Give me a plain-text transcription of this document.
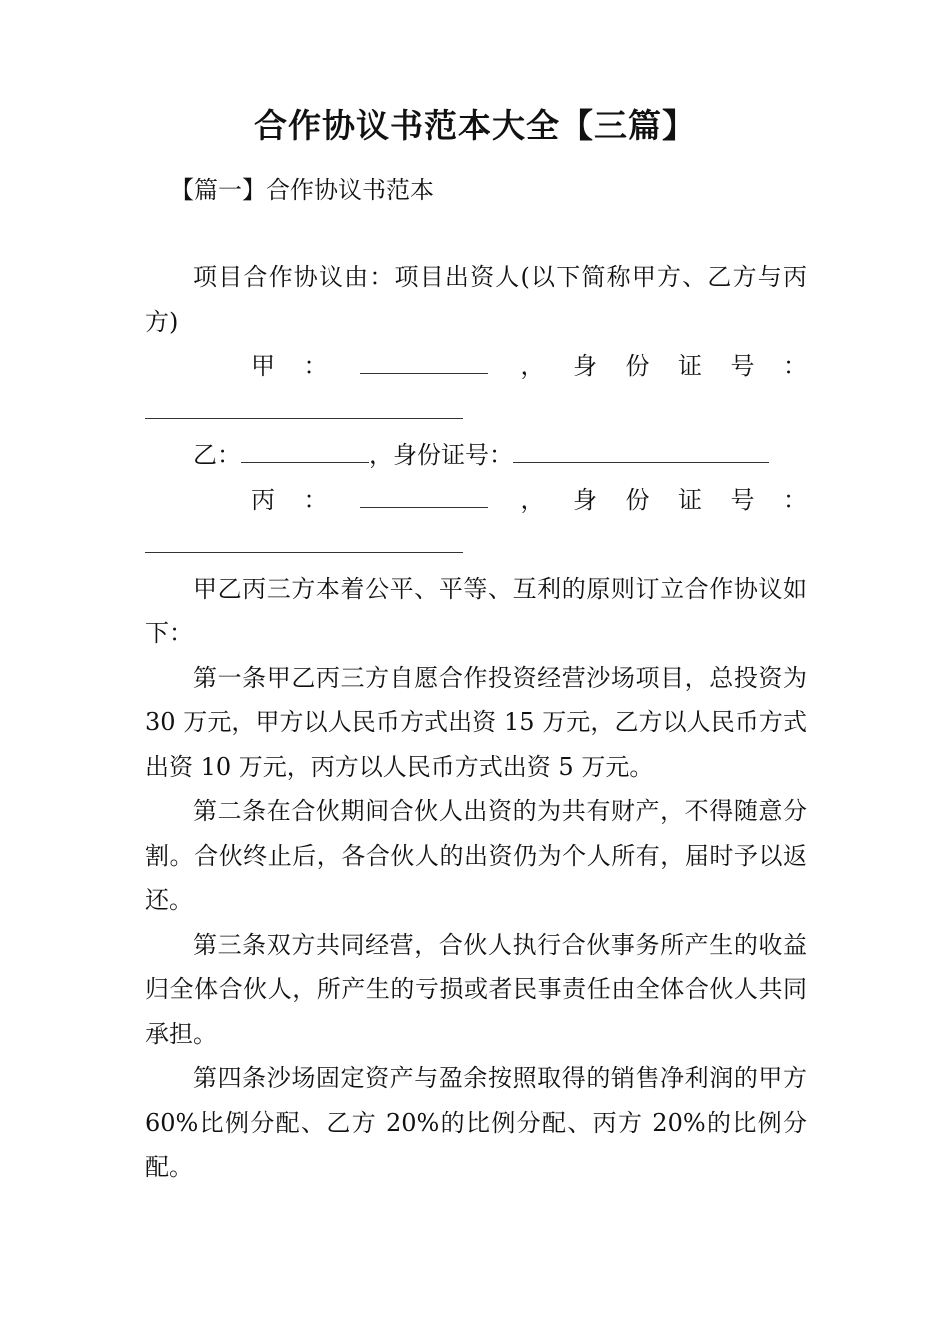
合作协议书范本大全【三篇】
【篇一】合作协议书范本

项目合作协议由：项目出资人(以下简称甲方、乙方与丙方)

甲 ：	， 身 份 证 号 ：

乙：	，身份证号：

丙 ：	， 身 份 证 号 ：

甲乙丙三方本着公平、平等、互利的原则订立合作协议如下：

第一条甲乙丙三方自愿合作投资经营沙场项目，总投资为 30 万元，甲方以人民币方式出资 15 万元，乙方以人民币方式出资 10 万元，丙方以人民币方式出资 5 万元。

第二条在合伙期间合伙人出资的为共有财产，不得随意分割。合伙终止后，各合伙人的出资仍为个人所有，届时予以返还。

第三条双方共同经营，合伙人执行合伙事务所产生的收益归全体合伙人，所产生的亏损或者民事责任由全体合伙人共同承担。

第四条沙场固定资产与盈余按照取得的销售净利润的甲方 60%比例分配、乙方 20%的比例分配、丙方 20%的比例分配。
